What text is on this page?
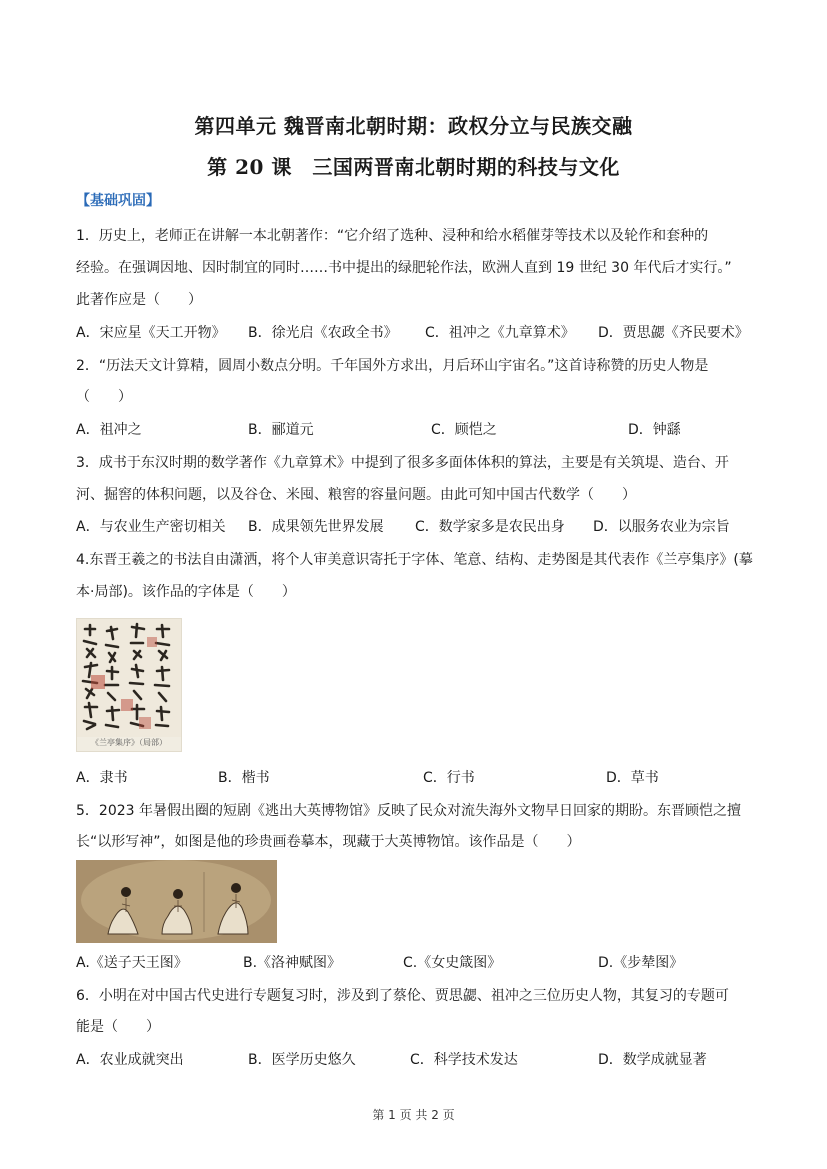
第四单元 魏晋南北朝时期：政权分立与民族交融
第 20 课　三国两晋南北朝时期的科技与文化
【基础巩固】
1．历史上，老师正在讲解一本北朝著作：“它介绍了选种、浸种和给水稻催芽等技术以及轮作和套种的
经验。在强调因地、因时制宜的同时……书中提出的绿肥轮作法，欧洲人直到 19 世纪 30 年代后才实行。”
此著作应是（　　）
A．宋应星《天工开物》 B．徐光启《农政全书》 C．祖冲之《九章算术》 D．贾思勰《齐民要术》
2．“历法天文计算精，圆周小数点分明。千年国外方求出，月后环山宇宙名。”这首诗称赞的历史人物是
（　　）
A．祖冲之	B．郦道元	C．顾恺之	D．钟繇
3．成书于东汉时期的数学著作《九章算术》中提到了很多多面体体积的算法，主要是有关筑堤、造台、开
河、掘窖的体积问题，以及谷仓、米囤、粮窖的容量问题。由此可知中国古代数学（　　）
A．与农业生产密切相关 B．成果领先世界发展 C．数学家多是农民出身 D．以服务农业为宗旨
4.东晋王羲之的书法自由潇洒，将个人审美意识寄托于字体、笔意、结构、走势图是其代表作《兰亭集序》(摹
本·局部)。该作品的字体是（　　）
《兰亭集序》（局部）
A．隶书	B．楷书	C．行书	D．草书
5．2023 年暑假出圈的短剧《逃出大英博物馆》反映了民众对流失海外文物早日回家的期盼。东晋顾恺之擅
长“以形写神”，如图是他的珍贵画卷摹本，现藏于大英博物馆。该作品是（　　）
A.《送子天王图》	B.《洛神赋图》	C.《女史箴图》	D.《步辇图》
6．小明在对中国古代史进行专题复习时，涉及到了蔡伦、贾思勰、祖冲之三位历史人物，其复习的专题可
能是（　　）
A．农业成就突出	B．医学历史悠久	C．科学技术发达	D．数学成就显著
第 1 页 共 2 页
